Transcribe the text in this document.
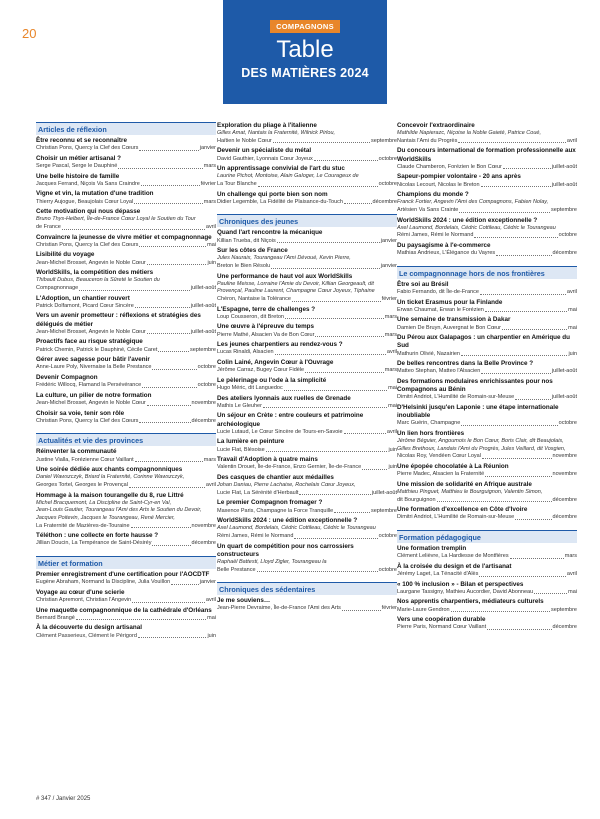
20	COMPAGNONS
Table
DES MATIÈRES 2024
Articles de réflexion
Être reconnu et se reconnaître
Christian Pons, Quercy la Clef des Cœurs	janvier
Choisir un métier artisanal ?
Serge Pascal, Serge le Dauphiné	mars
Une belle histoire de famille
Jacques Ferrand, Niçois Va Sans Craindre	février
Vigne et vin, la mutation d'une tradition
Thierry Aujogue, Beaujolais Cœur Loyal	mars
Cette motivation qui nous dépasse
Bruno Thys-Helbert, Île-de-France Cœur Loyal le Soutien du Tour
de France	avril
Convaincre la jeunesse de vivre métier et compagnonnage
Christian Pons, Quercy la Clef des Cœurs	mai
Lisibilité du voyage
Jean-Michel Brosset, Angevin le Noble Cœur	juin
WorldSkills, la compétition des métiers
Thibault Dubus, Beauceron la Sûreté le Soutien du
Compagnonnage	juillet-août
L'Adoption, un chantier rouvert
Patrick Dolfamont, Picard Cœur Sincère	juillet-août
Vers un avenir prometteur : réflexions et stratégies des délégués de métier
Jean-Michel Brosset, Angevin le Noble Cœur	juillet-août
Proactifs face au risque stratégique
Patrick Chemin, Patrick le Dauphiné, Cécile Caret	septembre
Gérer avec sagesse pour bâtir l'avenir
Anne-Laure Poly, Nivernaise la Belle Prestance	octobre
Devenir Compagnon
Frédéric Willocq, Flamand la Persévérance	octobre
La culture, un pilier de notre formation
Jean-Michel Brosset, Angevin le Noble Cœur	novembre
Choisir sa voie, tenir son rôle
Christian Pons, Quercy la Clef des Cœurs	décembre
Actualités et vie des provinces
Réinventer la communauté
Justine Vialla, Forézienne Cœur Vaillant	mars
Une soirée dédiée aux chants compagnonniques
Daniel Wawszczyk, Briard la Fraternité, Corinne Wawszczyk,
Georges Tortel, Georges le Provençal	avril
Hommage à la maison tourangelle du 8, rue Littré
Michel Bracquemont, La Discipline de Saint-Cyr-en Val,
Jean-Louis Gautier, Tourangeau l'Ami des Arts le Soutien du Devoir,
Jacques Poitevin, Jacques le Tourangeau, René Mercier,
La Fraternité de Mazières-de-Touraine	novembre
Téléthon : une collecte en forte hausse ?
Jillian Doucin, La Tempérance de Saint-Désiréy	décembre
Métier et formation
Premier enregistrement d'une certification pour l'AOCDTF
Eugène Abraham, Normand la Discipline, Julia Vouillon	janvier
Voyage au cœur d'une scierie
Christian Apremont, Christian l'Angevin	avril
Une maquette compagnonnique de la cathédrale d'Orléans
Bernard Brangé	mai
À la découverte du design artisanal
Clément Passerieux, Clément le Périgord	juin
Exploration du pliage à l'italienne
Gilles Amat, Nantais la Fraternité, Wilnick Pirlou,
Haïtien le Noble Cœur	septembre
Devenir un spécialiste du métal
David Gauthier, Lyonnais Cœur Joyeux	octobre
Un apprentissage convivial de l'art du stuc
Laurine Pichot, Montoise, Alain Galoger, Le Courageux de
La Tour Blanche	octobre
Un challenge qui porte bien son nom
Didier Legemble, La Fidélité de Plaisance-du-Touch	décembre
Chroniques des jeunes
Quand l'art rencontre la mécanique
Killian Trueba, dit Niçois	janvier
Sur les côtes de France
Jules Nauraix, Tourangeau l'Ami Dévoué, Kevin Pierre,
Breton le Bien Résolu	janvier
Une performance de haut vol aux WorldSkills
Pauline Meisse, Lorraine l'Amie du Devoir, Killian Georgeault, dit
Provençal, Pauline Laurent, Champagne Cœur Joyeux, Tiphaine
Chéron, Nantaise la Tolérance	février
L'Espagne, terre de challenges ?
Loup Cousseron, dit Breton	mars
Une œuvre à l'épreuve du temps
Pierre Mathé, Alsacien Va de Bon Cœur	mars
Les jeunes charpentiers au rendez-vous ?
Lucas Rinaldi, Alsacien	avril
Colin Lainé, Angevin Cœur à l'Ouvrage
Jérôme Carraz, Bugey Cœur Fidèle	mars
Le pèlerinage ou l'ode à la simplicité
Hugo Méric, dit Languedoc	mai
Des ateliers lyonnais aux ruelles de Grenade
Mathis Le Gleuher	mai
Un séjour en Crète : entre couleurs et patrimoine archéologique
Lucie Lutaud, Le Cœur Sincère de Tours-en-Savoie	avril
La lumière en peinture
Lucie Flat, Blésoise	juin
Travail d'Adoption à quatre mains
Valentin Drouet, Île-de-France, Enzo Gernier, Île-de-France	juin
Des casques de chantier aux médailles
Johan Daniau, Pierre Lachaise, Rochelais Cœur Joyeux,
Lucie Flat, La Sérénité d'Herbault	juillet-août
Le premier Compagnon fromager ?
Maxence Paris, Champagne la Force Tranquille	septembre
WorldSkills 2024 : une édition exceptionnelle ?
Axel Laumond, Bordelais, Cédric Cottileau, Cédric le Tourangeau
Rémi James, Rémi le Normand	octobre
Un quart de compétition pour nos carrossiers constructeurs
Raphaël Battesti, Lloyd Zigler, Tourangeau la
Belle Prestance	octobre
Chroniques des sédentaires
Je me souviens…
Jean-Pierre Devraime, Île-de-France l'Ami des Arts	février
Concevoir l'extraordinaire
Mathilde Napierazc, Niçoise la Noble Gaieté, Patrice Coué,
Nantais l'Ami du Progrès	avril
Du concours international de formation professionnelle aux WorldSkills
Claude Chamberon, Forézien le Bon Cœur	juillet-août
Sapeur-pompier volontaire - 20 ans après
Nicolas Lecourt, Nicolas le Breton	juillet-août
Champions du monde ?
Franck Fortier, Angevin l'Ami des Compagnons, Fabien Nolay,
Artésien Va Sans Crainte	septembre
WorldSkills 2024 : une édition exceptionnelle ?
Axel Laumond, Bordelais, Cédric Cottileau, Cédric le Tourangeau
Rémi James, Rémi le Normand	octobre
Du paysagisme à l'e-commerce
Mathias Andrieux, L'Élégance du Vayres	décembre
Le compagnonnage hors de nos frontières
Être soi au Brésil
Fabio Fernando, dit Île-de-France	avril
Un ticket Erasmus pour la Finlande
Erwan Chaumat, Erwan le Forézien	mai
Une semaine de transmission à Dakar
Damien De Bruyn, Auvergnat le Bon Cœur	mai
Du Pérou aux Galapagos : un charpentier en Amérique du Sud
Mathurin Olivié, Nazairien	juin
De belles rencontres dans la Belle Province ?
Matteo Stephan, Matteo l'Alsacien	juillet-août
Des formations modulaires enrichissantes pour nos Compagnons au Bénin
Dimitri Andriot, L'Humilité de Romain-sur-Meuse	juillet-août
D'Helsinki jusqu'en Laponie : une étape internationale inoubliable
Marc Guérin, Champagne	octobre
Un lien hors frontières
Jérôme Béguier, Angoumois le Bon Cœur, Boris Clair, dit Beaujolais,
Gilles Brethoux, Landais l'Ami du Progrès, Jules Veillard, dit Vosgien,
Nicolas Roy, Vendéen Cœur Loyal	novembre
Une épopée chocolatée à La Réunion
Pierre Madec, Alsacien la Fraternité	novembre
Une mission de solidarité en Afrique australe
Matthieu Pinguet, Matthieu le Bourguignon, Valentin Simon,
dit Bourguignon	décembre
Une formation d'excellence en Côte d'Ivoire
Dimitri Andriot, L'Humilité de Romain-sur-Meuse	décembre
Formation pédagogique
Une formation tremplin
Clément Lelièvre, La Hardiesse de Montfières	mars
À la croisée du design et de l'artisanat
Jérémy Laget, La Ténacité d'Alès	avril
« 100 % inclusion » - Bilan et perspectives
Laurgane Tassigny, Mathieu Aucordier, David Abonneau	mai
Nos apprentis charpentiers, médiateurs culturels
Marie-Laure Gendron	septembre
Vers une coopération durable
Pierre Paris, Normand Cœur Vaillant	décembre
# 347 / Janvier 2025
